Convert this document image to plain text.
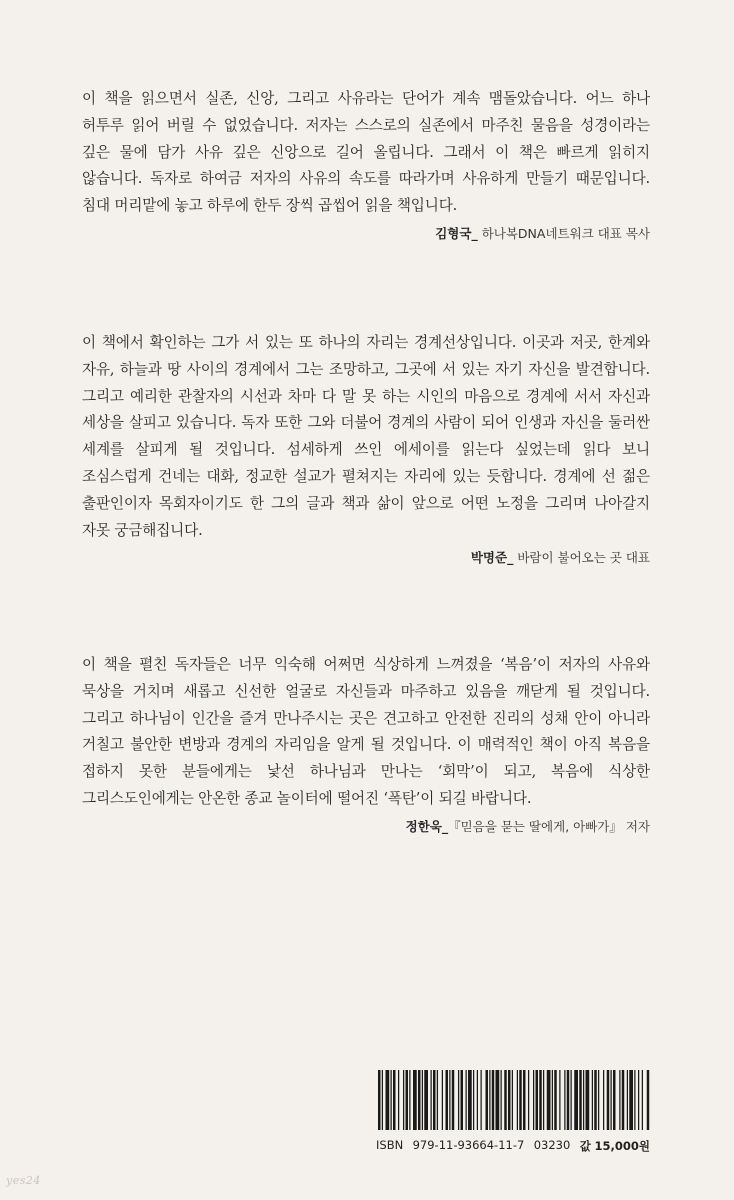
이 책을 읽으면서 실존, 신앙, 그리고 사유라는 단어가 계속 맴돌았습니다. 어느 하나 허투루 읽어 버릴 수 없었습니다. 저자는 스스로의 실존에서 마주친 물음을 성경이라는 깊은 물에 담가 사유 깊은 신앙으로 길어 올립니다. 그래서 이 책은 빠르게 읽히지 않습니다. 독자로 하여금 저자의 사유의 속도를 따라가며 사유하게 만들기 때문입니다. 침대 머리맡에 놓고 하루에 한두 장씩 곱씹어 읽을 책입니다.

김형국_ 하나복DNA네트워크 대표 목사

이 책에서 확인하는 그가 서 있는 또 하나의 자리는 경계선상입니다. 이곳과 저곳, 한계와 자유, 하늘과 땅 사이의 경계에서 그는 조망하고, 그곳에 서 있는 자기 자신을 발견합니다. 그리고 예리한 관찰자의 시선과 차마 다 말 못 하는 시인의 마음으로 경계에 서서 자신과 세상을 살피고 있습니다. 독자 또한 그와 더불어 경계의 사람이 되어 인생과 자신을 둘러싼 세계를 살피게 될 것입니다. 섬세하게 쓰인 에세이를 읽는다 싶었는데 읽다 보니 조심스럽게 건네는 대화, 정교한 설교가 펼쳐지는 자리에 있는 듯합니다. 경계에 선 젊은 출판인이자 목회자이기도 한 그의 글과 책과 삶이 앞으로 어떤 노정을 그리며 나아갈지 자못 궁금해집니다.

박명준_ 바람이 불어오는 곳 대표

이 책을 펼친 독자들은 너무 익숙해 어쩌면 식상하게 느껴졌을 ‘복음’이 저자의 사유와 묵상을 거치며 새롭고 신선한 얼굴로 자신들과 마주하고 있음을 깨닫게 될 것입니다. 그리고 하나님이 인간을 즐겨 만나주시는 곳은 견고하고 안전한 진리의 성채 안이 아니라 거칠고 불안한 변방과 경계의 자리임을 알게 될 것입니다. 이 매력적인 책이 아직 복음을 접하지 못한 분들에게는 낯선 하나님과 만나는 ‘회막’이 되고, 복음에 식상한 그리스도인에게는 안온한 종교 놀이터에 떨어진 ‘폭탄’이 되길 바랍니다.

정한욱_『믿음을 묻는 딸에게, 아빠가』 저자
ISBN 979-11-93664-11-7 03230 값 15,000원
yes24
